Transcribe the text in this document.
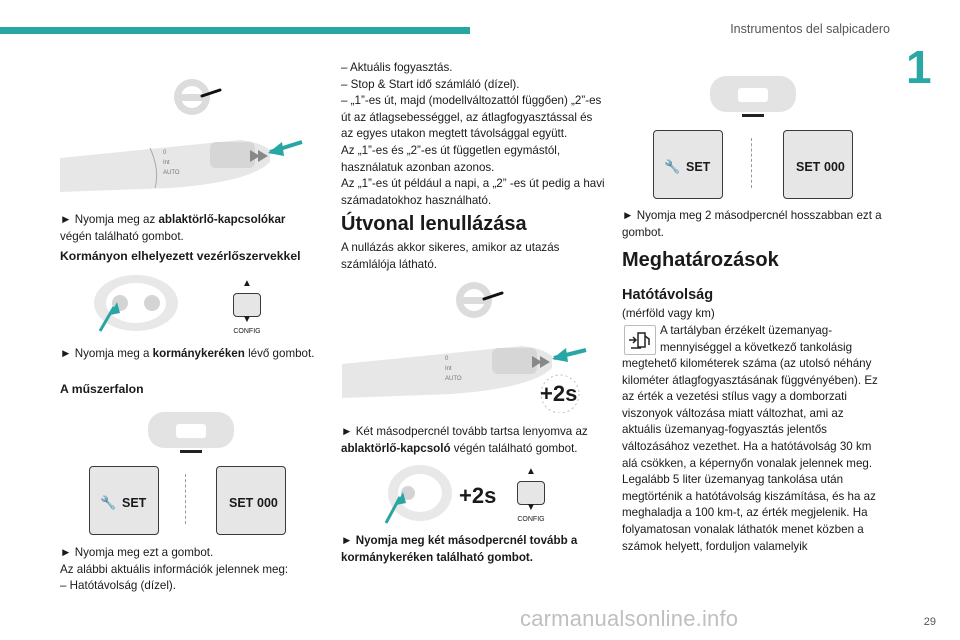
Instrumentos del salpicadero
1
0
Int
AUTO
► Nyomja meg az ablaktörlő-kapcsolókar végén található gombot.
Kormányon elhelyezett vezérlőszervekkel
▲
▼
CONFIG
► Nyomja meg a kormánykeréken lévő gombot.
A műszerfalon
🔧 SET	SET 000

► Nyomja meg ezt a gombot.

Az alábbi aktuális információk jelennek meg:

– Hatótávolság (dízel).

– Aktuális fogyasztás.

– Stop & Start idő számláló (dízel).

– „1”-es út, majd (modellváltozattól függően) „2”-es út az átlagsebességgel, az átlagfogyasztással és az egyes utakon megtett távolsággal együtt.

Az „1”-es és „2”-es út független egymástól, használatuk azonban azonos.

Az „1”-es út például a napi, a „2” -es út pedig a havi számadatokhoz használható.

Útvonal lenullázása
A nullázás akkor sikeres, amikor az utazás számlálója látható.
0
Int
AUTO
+2s
► Két másodpercnél tovább tartsa lenyomva az ablaktörlő-kapcsoló végén található gombot.
+2s
▲
▼
CONFIG
► Nyomja meg két másodpercnél tovább a kormánykeréken található gombot.
🔧 SET	SET 000
► Nyomja meg 2 másodpercnél hosszabban ezt a gombot.
Meghatározások
Hatótávolság
(mérföld vagy km)
A tartályban érzékelt üzemanyag-mennyiséggel a következő tankolásig
megtehető kilométerek száma (az utolsó néhány kilométer átlagfogyasztásának függvényében). Ez az érték a vezetési stílus vagy a domborzati viszonyok változása miatt változhat, ami az aktuális üzemanyag-fogyasztás jelentős változásához vezethet. Ha a hatótávolság 30 km alá csökken, a képernyőn vonalak jelennek meg. Legalább 5 liter üzemanyag tankolása után megtörténik a hatótávolság kiszámítása, és ha az meghaladja a 100 km-t, az érték megjelenik. Ha folyamatosan vonalak láthatók menet közben a számok helyett, forduljon valamelyik
carmanualsonline.info	29
